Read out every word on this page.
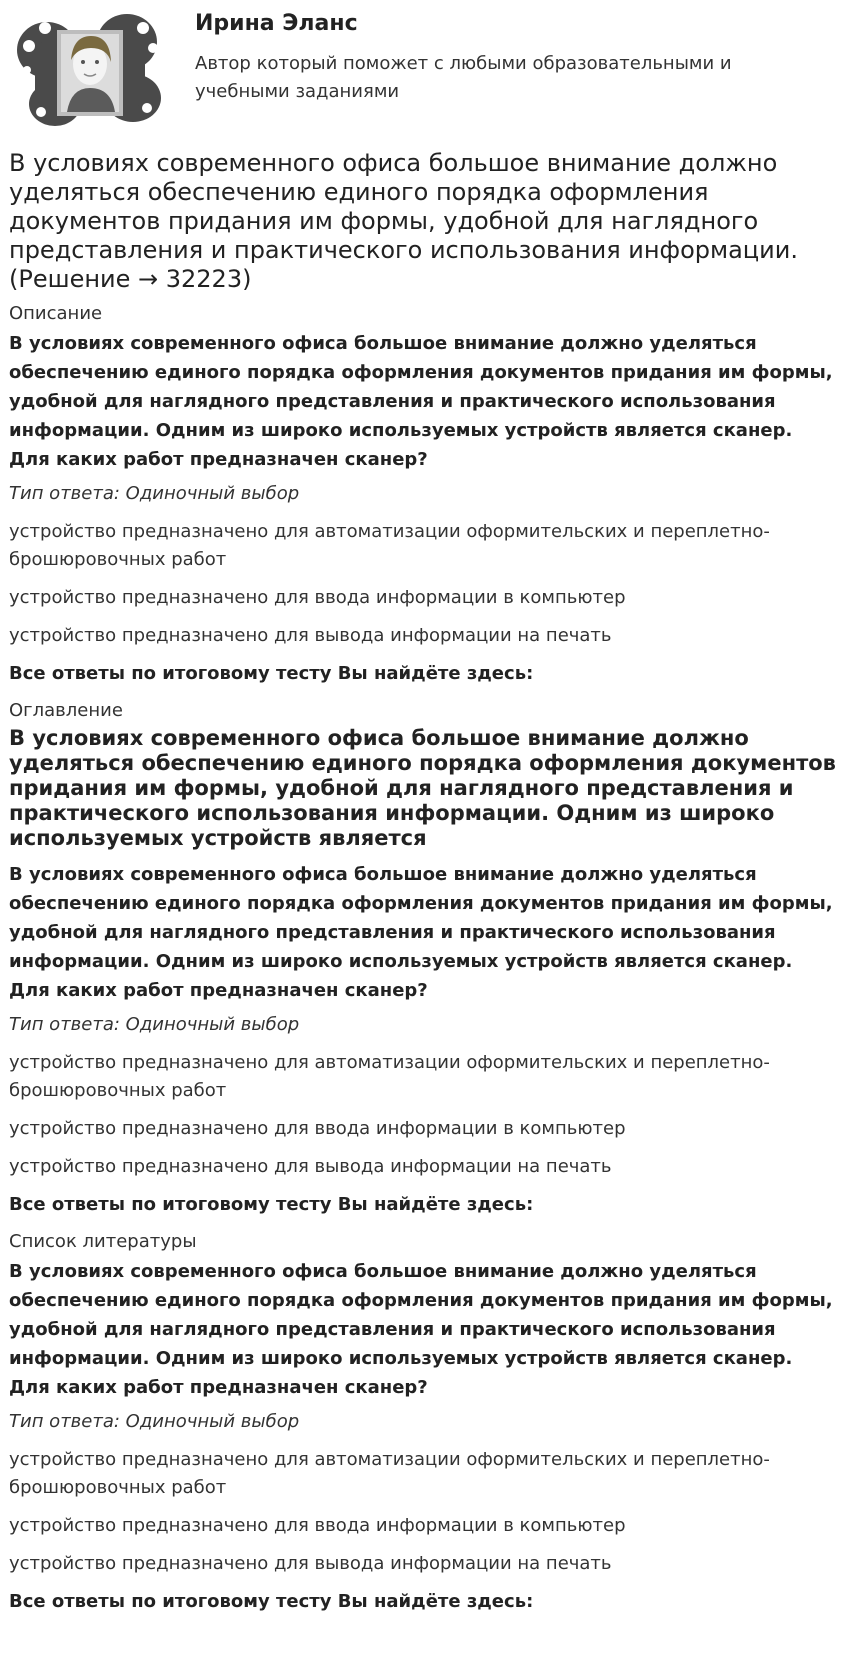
Ирина Эланс

Автор который поможет с любыми образовательными и учебными заданиями

В условиях современного офиса большое внимание должно уделяться обеспечению единого порядка оформления документов придания им формы, удобной для наглядного представления и практического использования информации. (Решение → 32223)
Описание

В условиях современного офиса большое внимание должно уделяться обеспечению единого порядка оформления документов придания им формы, удобной для наглядного представления и практического использования информации. Одним из широко используемых устройств является сканер. Для каких работ предназначен сканер?

Тип ответа: Одиночный выбор

устройство предназначено для автоматизации оформительских и переплетно-брошюровочных работ

устройство предназначено для ввода информации в компьютер

устройство предназначено для вывода информации на печать

Все ответы по итоговому тесту Вы найдёте здесь:

Оглавление
В условиях современного офиса большое внимание должно уделяться обеспечению единого порядка оформления документов придания им формы, удобной для наглядного представления и практического использования информации. Одним из широко используемых устройств является

В условиях современного офиса большое внимание должно уделяться обеспечению единого порядка оформления документов придания им формы, удобной для наглядного представления и практического использования информации. Одним из широко используемых устройств является сканер. Для каких работ предназначен сканер?

Тип ответа: Одиночный выбор

устройство предназначено для автоматизации оформительских и переплетно-брошюровочных работ

устройство предназначено для ввода информации в компьютер

устройство предназначено для вывода информации на печать

Все ответы по итоговому тесту Вы найдёте здесь:

Список литературы

В условиях современного офиса большое внимание должно уделяться обеспечению единого порядка оформления документов придания им формы, удобной для наглядного представления и практического использования информации. Одним из широко используемых устройств является сканер. Для каких работ предназначен сканер?

Тип ответа: Одиночный выбор

устройство предназначено для автоматизации оформительских и переплетно-брошюровочных работ

устройство предназначено для ввода информации в компьютер

устройство предназначено для вывода информации на печать

Все ответы по итоговому тесту Вы найдёте здесь:
